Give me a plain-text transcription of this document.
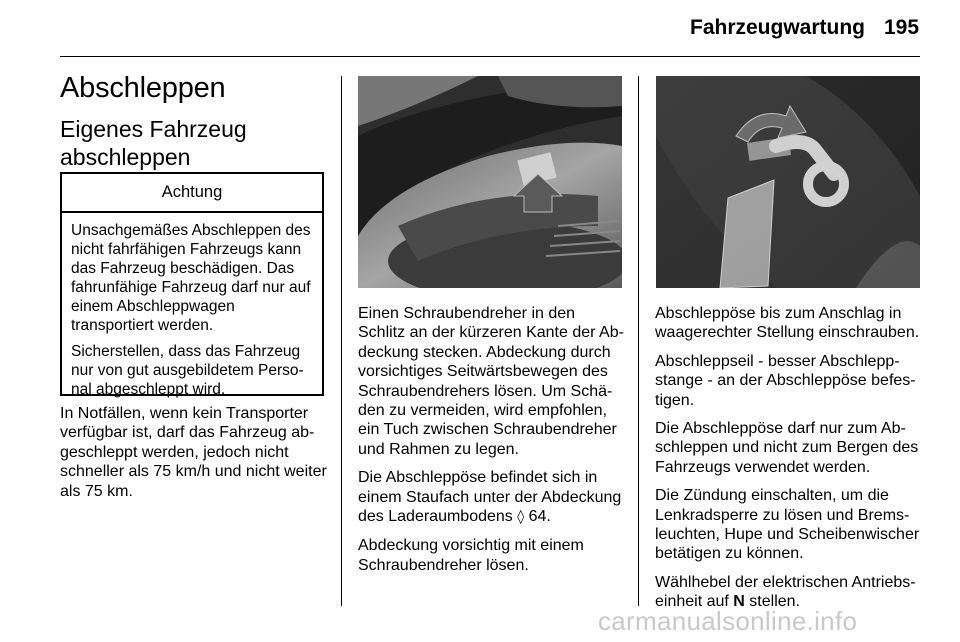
Fahrzeugwartung 195
Abschleppen
Eigenes Fahrzeug abschleppen
Achtung

Unsachgemäßes Abschleppen des nicht fahrfähigen Fahrzeugs kann das Fahrzeug beschädigen. Das fahrunfähige Fahrzeug darf nur auf einem Abschleppwagen transportiert werden.

Sicherstellen, dass das Fahrzeug nur von gut ausgebildetem Personal abgeschleppt wird.

In Notfällen, wenn kein Transporter verfügbar ist, darf das Fahrzeug abgeschleppt werden, jedoch nicht schneller als 75 km/h und nicht weiter als 75 km.

Einen Schraubendreher in den Schlitz an der kürzeren Kante der Abdeckung stecken. Abdeckung durch vorsichtiges Seitwärtsbewegen des Schraubendrehers lösen. Um Schäden zu vermeiden, wird empfohlen, ein Tuch zwischen Schraubendreher und Rahmen zu legen.

Die Abschleppöse befindet sich in einem Staufach unter der Abdeckung des Laderaumbodens ◊ 64.

Abdeckung vorsichtig mit einem Schraubendreher lösen.

Abschleppöse bis zum Anschlag in waagerechter Stellung einschrauben.

Abschleppseil - besser Abschleppstange - an der Abschleppöse befestigen.

Die Abschleppöse darf nur zum Abschleppen und nicht zum Bergen des Fahrzeugs verwendet werden.

Die Zündung einschalten, um die Lenkradsperre zu lösen und Bremsleuchten, Hupe und Scheibenwischer betätigen zu können.

Wählhebel der elektrischen Antriebseinheit auf N stellen.

carmanualsonline.info
